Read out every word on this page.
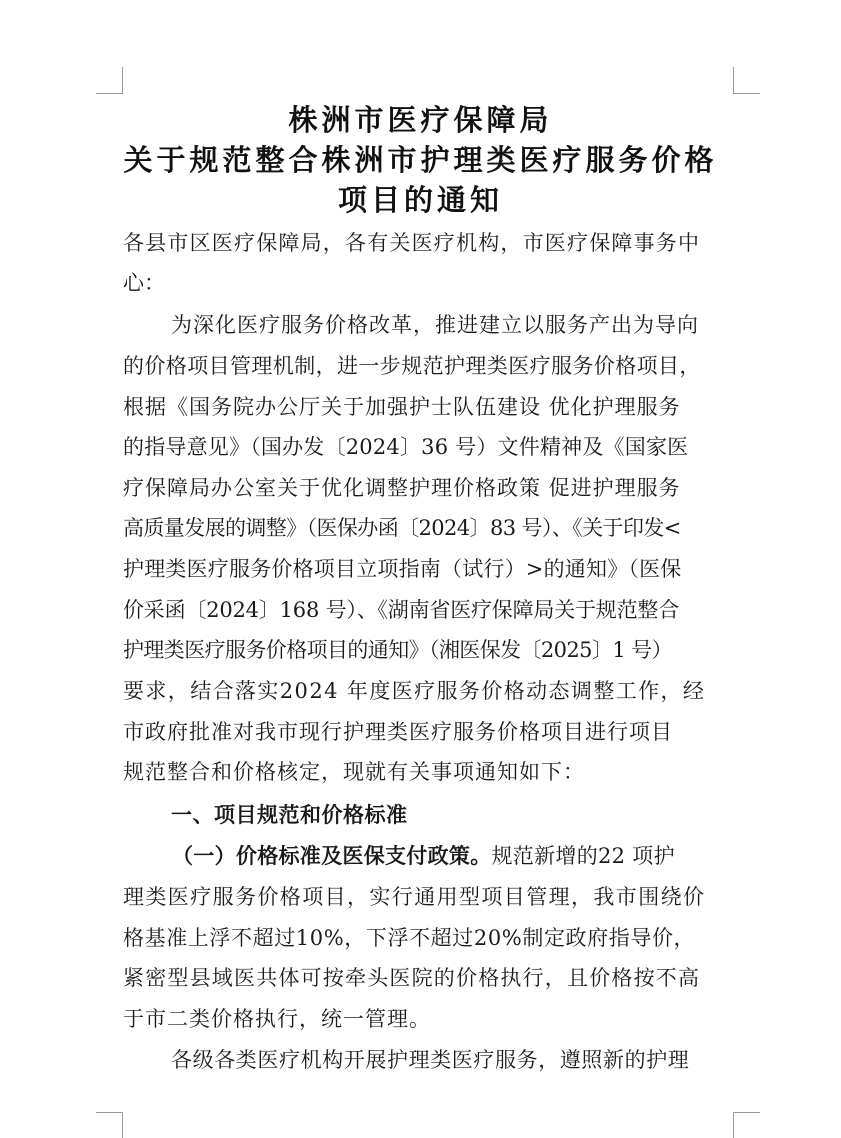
株洲市医疗保障局
关于规范整合株洲市护理类医疗服务价格
项目的通知
各县市区医疗保障局，各有关医疗机构，市医疗保障事务中
心：
为深化医疗服务价格改革，推进建立以服务产出为导向
的价格项目管理机制，进一步规范护理类医疗服务价格项目，
根据《国务院办公厅关于加强护士队伍建设 优化护理服务
的指导意见》（国办发〔2024〕36 号）文件精神及《国家医
疗保障局办公室关于优化调整护理价格政策 促进护理服务
高质量发展的调整》（医保办函〔2024〕83 号）、《关于印发<
护理类医疗服务价格项目立项指南（试行）>的通知》（医保
价采函〔2024〕168 号）、《湖南省医疗保障局关于规范整合
护理类医疗服务价格项目的通知》（湘医保发〔2025〕1 号）
要求，结合落实2024 年度医疗服务价格动态调整工作，经
市政府批准对我市现行护理类医疗服务价格项目进行项目
规范整合和价格核定，现就有关事项通知如下：
一、项目规范和价格标准
（一）价格标准及医保支付政策。规范新增的22 项护
理类医疗服务价格项目，实行通用型项目管理，我市围绕价
格基准上浮不超过10%，下浮不超过20%制定政府指导价，
紧密型县域医共体可按牵头医院的价格执行，且价格按不高
于市二类价格执行，统一管理。
各级各类医疗机构开展护理类医疗服务，遵照新的护理
